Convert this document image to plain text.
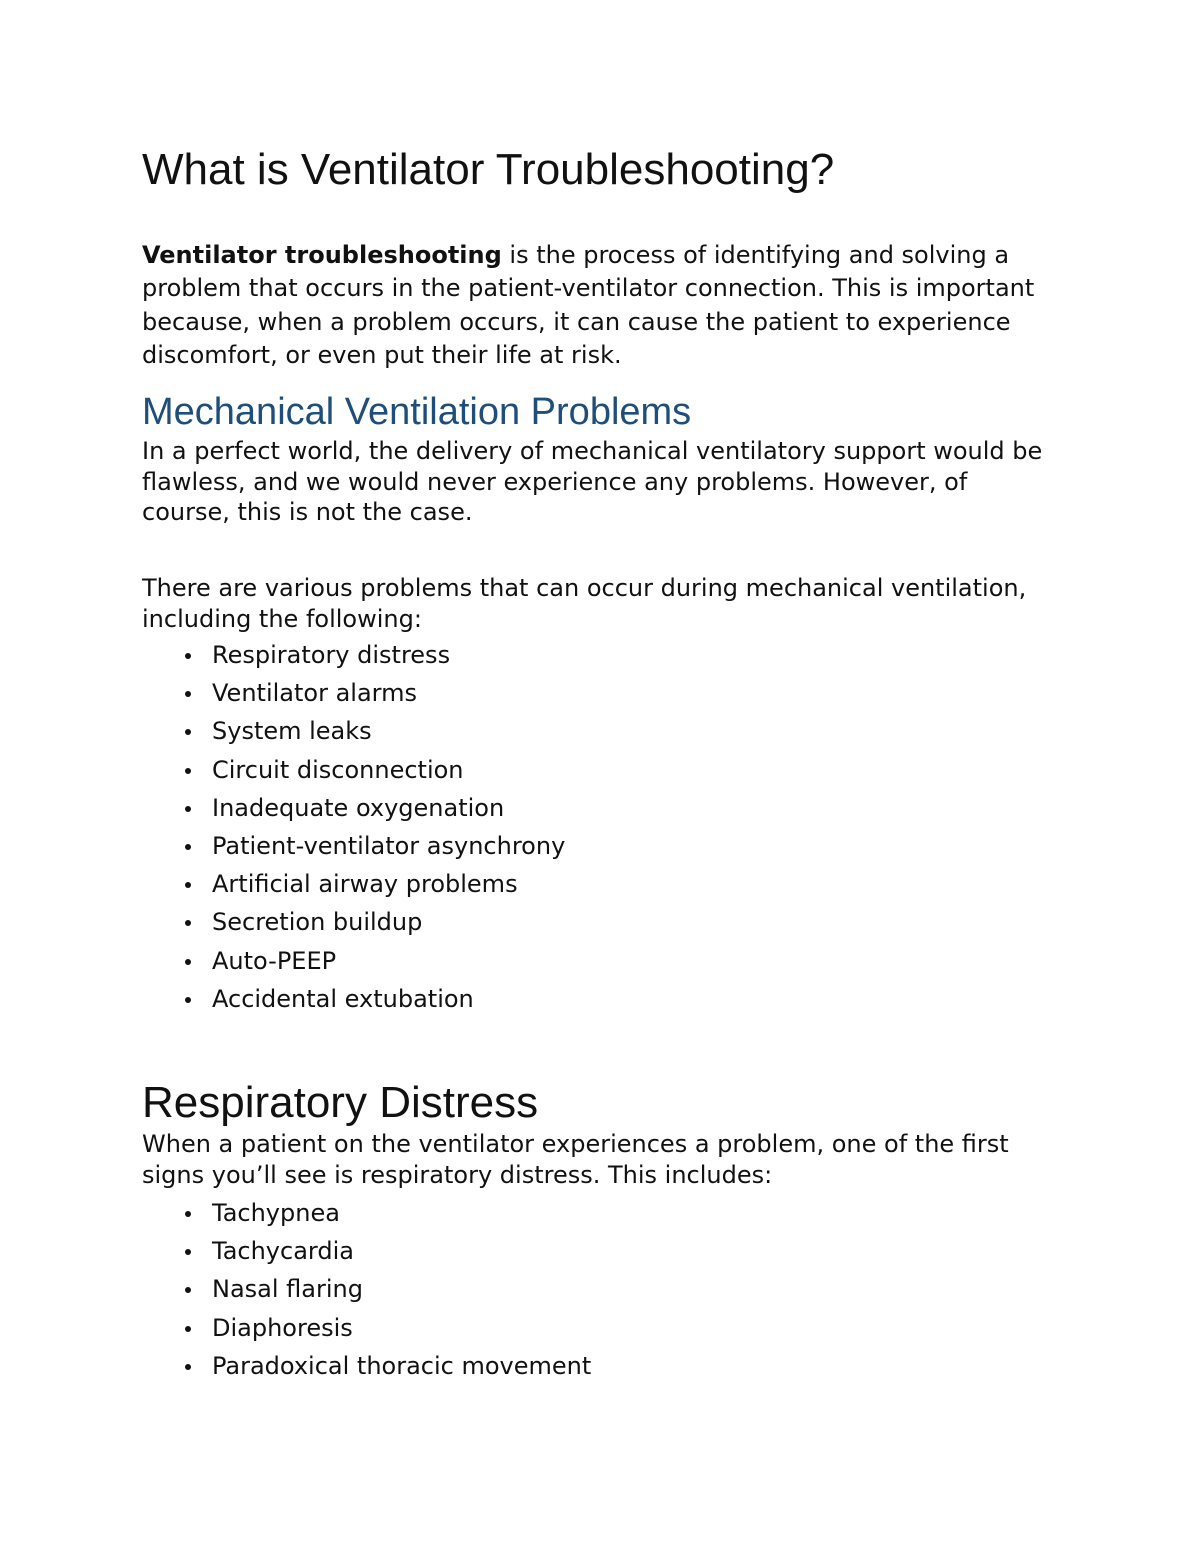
What is Ventilator Troubleshooting?

Ventilator troubleshooting is the process of identifying and solving a problem that occurs in the patient-ventilator connection. This is important because, when a problem occurs, it can cause the patient to experience discomfort, or even put their life at risk.

Mechanical Ventilation Problems

In a perfect world, the delivery of mechanical ventilatory support would be flawless, and we would never experience any problems. However, of course, this is not the case.

There are various problems that can occur during mechanical ventilation, including the following:

Respiratory distress
Ventilator alarms
System leaks
Circuit disconnection
Inadequate oxygenation
Patient-ventilator asynchrony
Artificial airway problems
Secretion buildup
Auto-PEEP
Accidental extubation
Respiratory Distress

When a patient on the ventilator experiences a problem, one of the first signs you’ll see is respiratory distress. This includes:

Tachypnea
Tachycardia
Nasal flaring
Diaphoresis
Paradoxical thoracic movement
